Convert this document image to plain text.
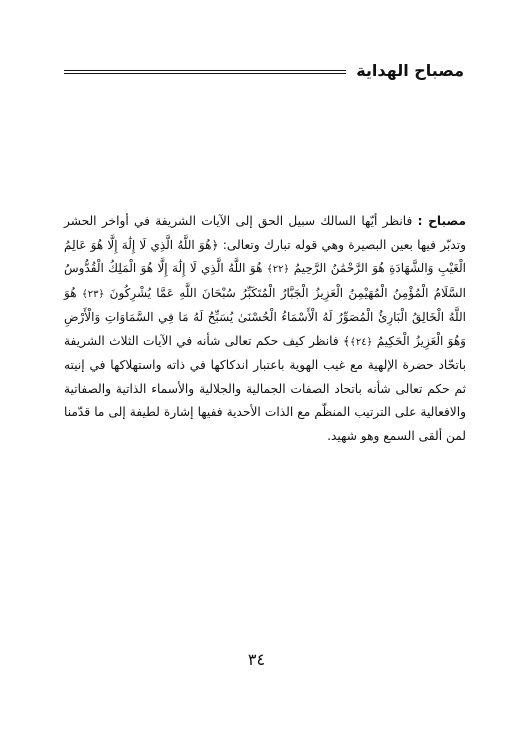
مصباح الهداية

مصباح : فانظر أيّها السالك سبيل الحق إلى الآيات الشريفة في أواخر الحشر وتدبّر فيها بعين البصيرة وهي قوله تبارك وتعالى: ﴿هُوَ اللَّهُ الَّذِي لَا إِلَٰهَ إِلَّا هُوَ عَالِمُ الْغَيْبِ وَالشَّهَادَةِ هُوَ الرَّحْمَٰنُ الرَّحِيمُ ﴿٢٢﴾ هُوَ اللَّهُ الَّذِي لَا إِلَٰهَ إِلَّا هُوَ الْمَلِكُ الْقُدُّوسُ السَّلَامُ الْمُؤْمِنُ الْمُهَيْمِنُ الْعَزِيزُ الْجَبَّارُ الْمُتَكَبِّرُ سُبْحَانَ اللَّهِ عَمَّا يُشْرِكُونَ ﴿٢٣﴾ هُوَ اللَّهُ الْخَالِقُ الْبَارِئُ الْمُصَوِّرُ لَهُ الْأَسْمَاءُ الْحُسْنَىٰ يُسَبِّحُ لَهُ مَا فِي السَّمَاوَاتِ وَالْأَرْضِ وَهُوَ الْعَزِيزُ الْحَكِيمُ ﴿٢٤﴾﴾ فانظر كيف حكم تعالى شأنه في الآيات الثلاث الشريفة باتحّاد حضرة الإلهية مع غيب الهوية باعتبار اندكاكها في ذاته واستهلاكها في إنيته ثم حكم تعالى شأنه باتحاد الصفات الجمالية والجلالية والأسماء الذاتية والصفاتية والافعالية على الترتيب المنظّم مع الذات الأحدية ففيها إشارة لطيفة إلى ما قدّمنا لمن ألقى السمع وهو شهيد.

٣٤
